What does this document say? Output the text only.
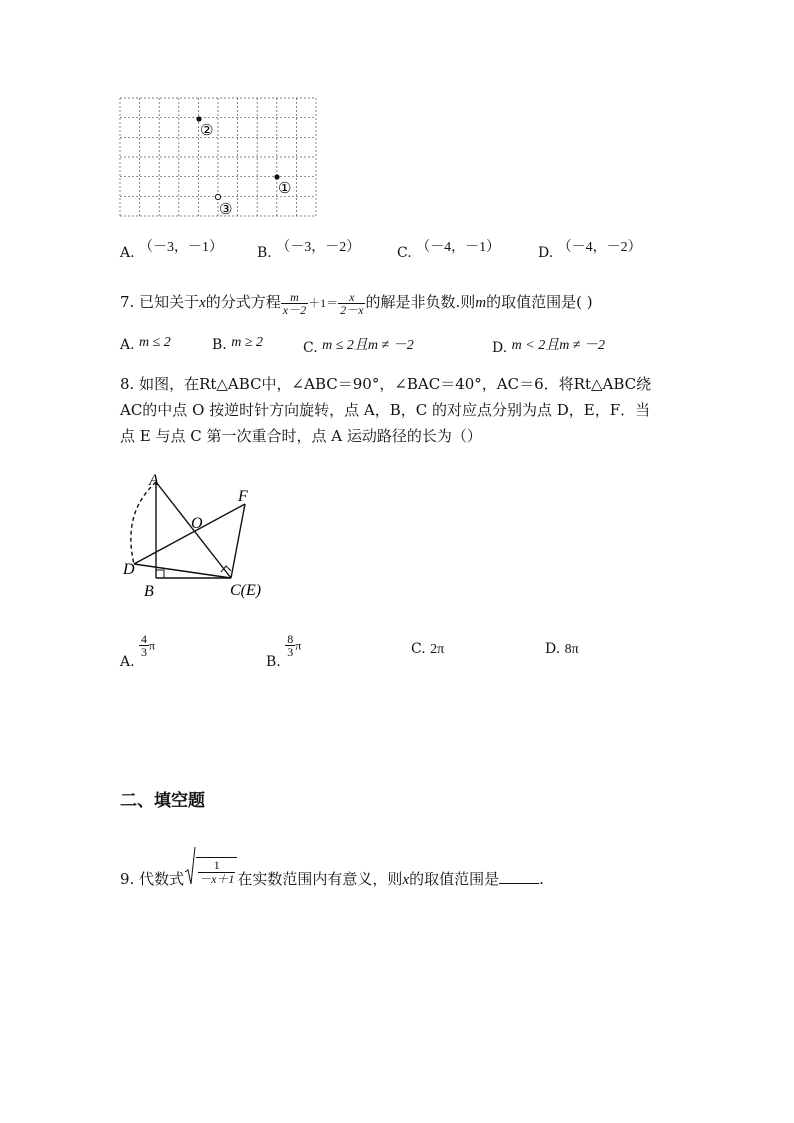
①
②
③
A. （－3，－1）	B. （－3，－2）	C. （－4，－1）	D. （－4，－2）
7. 已知关于x的分式方程 $\frac{m}{x-2} +1= \frac{x}{2-x}$ 的解是非负数.则m的取值范围是( )
A. m ≤ 2	B. m ≥ 2	C. m ≤ 2且m ≠ －2	D. m < 2且m ≠ －2
8. 如图，在Rt△ABC中，∠ABC＝90°，∠BAC＝40°，AC＝6．将Rt△ABC绕
AC的中点 O 按逆时针方向旋转，点 A，B，C 的对应点分别为点 D，E，F．当
点 E 与点 C 第一次重合时，点 A 运动路径的长为（）
A
F
O
D
B	C(E)
A.
$\frac{4}{3}$ π
B.
$\frac{8}{3}$ π	C. 2π	D. 8π
二、填空题
9. 代数式
1
－x＋1 在实数范围内有意义，则x的取值范围是	.
